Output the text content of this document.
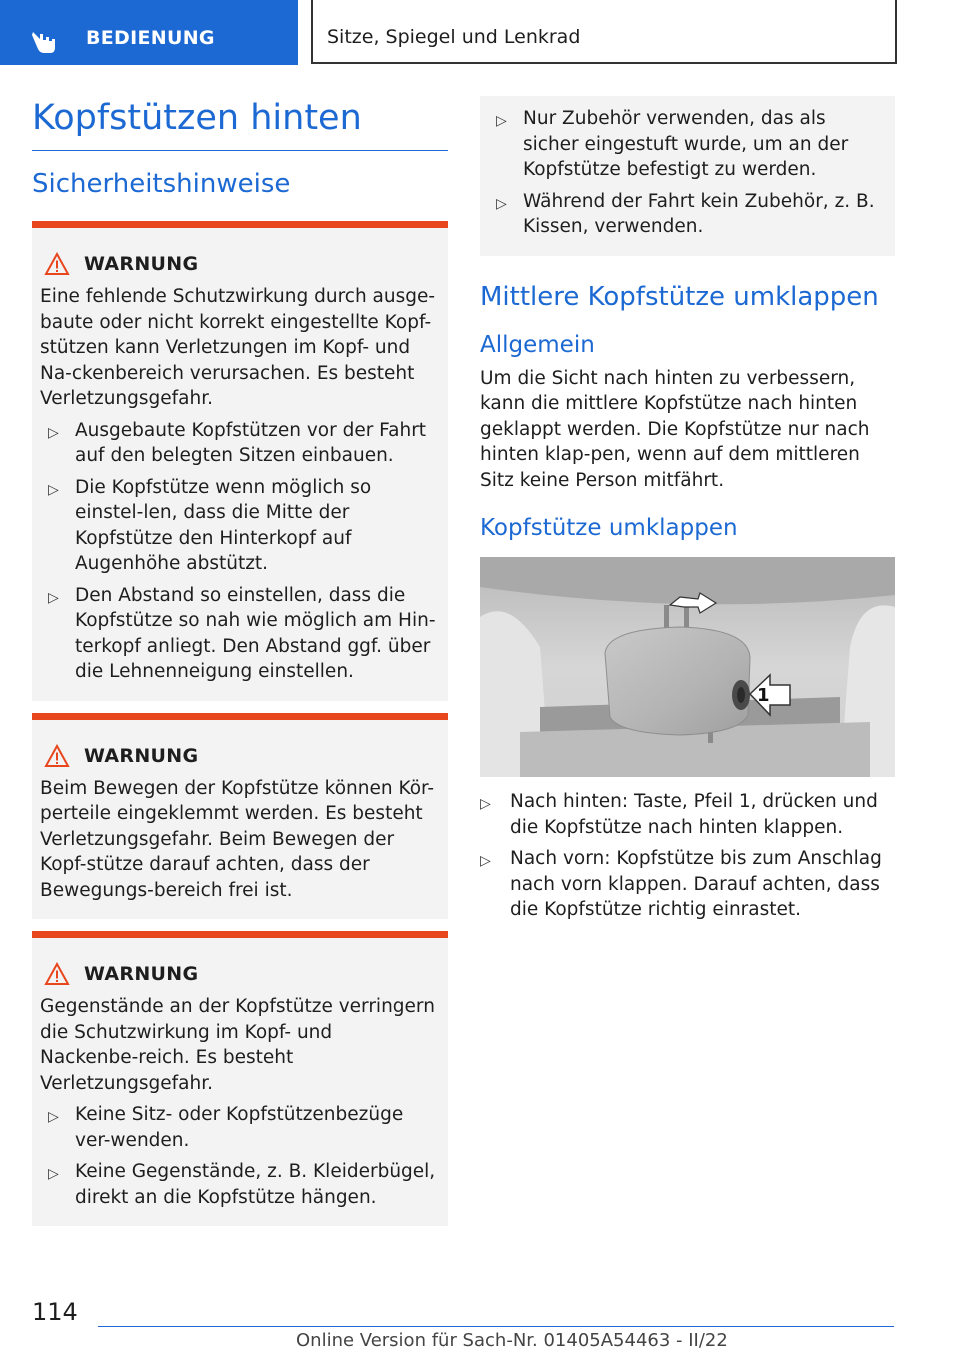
BEDIENUNG	Sitze, Spiegel und Lenkrad
Kopfstützen hinten
Sicherheitshinweise
WARNUNG

Eine fehlende Schutzwirkung durch ausge-baute oder nicht korrekt eingestellte Kopf-stützen kann Verletzungen im Kopf- und Na-ckenbereich verursachen. Es besteht Verletzungsgefahr.

▷ Ausgebaute Kopfstützen vor der Fahrt auf den belegten Sitzen einbauen.
▷ Die Kopfstütze wenn möglich so einstel-len, dass die Mitte der Kopfstütze den Hinterkopf auf Augenhöhe abstützt.
▷ Den Abstand so einstellen, dass die Kopfstütze so nah wie möglich am Hin-terkopf anliegt. Den Abstand ggf. über die Lehnenneigung einstellen.
WARNUNG

Beim Bewegen der Kopfstütze können Kör-perteile eingeklemmt werden. Es besteht Verletzungsgefahr. Beim Bewegen der Kopf-stütze darauf achten, dass der Bewegungs-bereich frei ist.

WARNUNG

Gegenstände an der Kopfstütze verringern die Schutzwirkung im Kopf- und Nackenbe-reich. Es besteht Verletzungsgefahr.

▷ Keine Sitz- oder Kopfstützenbezüge ver-wenden.
▷ Keine Gegenstände, z. B. Kleiderbügel, direkt an die Kopfstütze hängen.
▷ Nur Zubehör verwenden, das als sicher eingestuft wurde, um an der Kopfstütze befestigt zu werden.
▷ Während der Fahrt kein Zubehör, z. B. Kissen, verwenden.
Mittlere Kopfstütze umklappen
Allgemein

Um die Sicht nach hinten zu verbessern, kann die mittlere Kopfstütze nach hinten geklappt werden. Die Kopfstütze nur nach hinten klap-pen, wenn auf dem mittleren Sitz keine Person mitfährt.

Kopfstütze umklappen
1
▷ Nach hinten: Taste, Pfeil 1, drücken und die Kopfstütze nach hinten klappen.
▷ Nach vorn: Kopfstütze bis zum Anschlag nach vorn klappen. Darauf achten, dass die Kopfstütze richtig einrastet.
114
Online Version für Sach-Nr. 01405A54463 - II/22
